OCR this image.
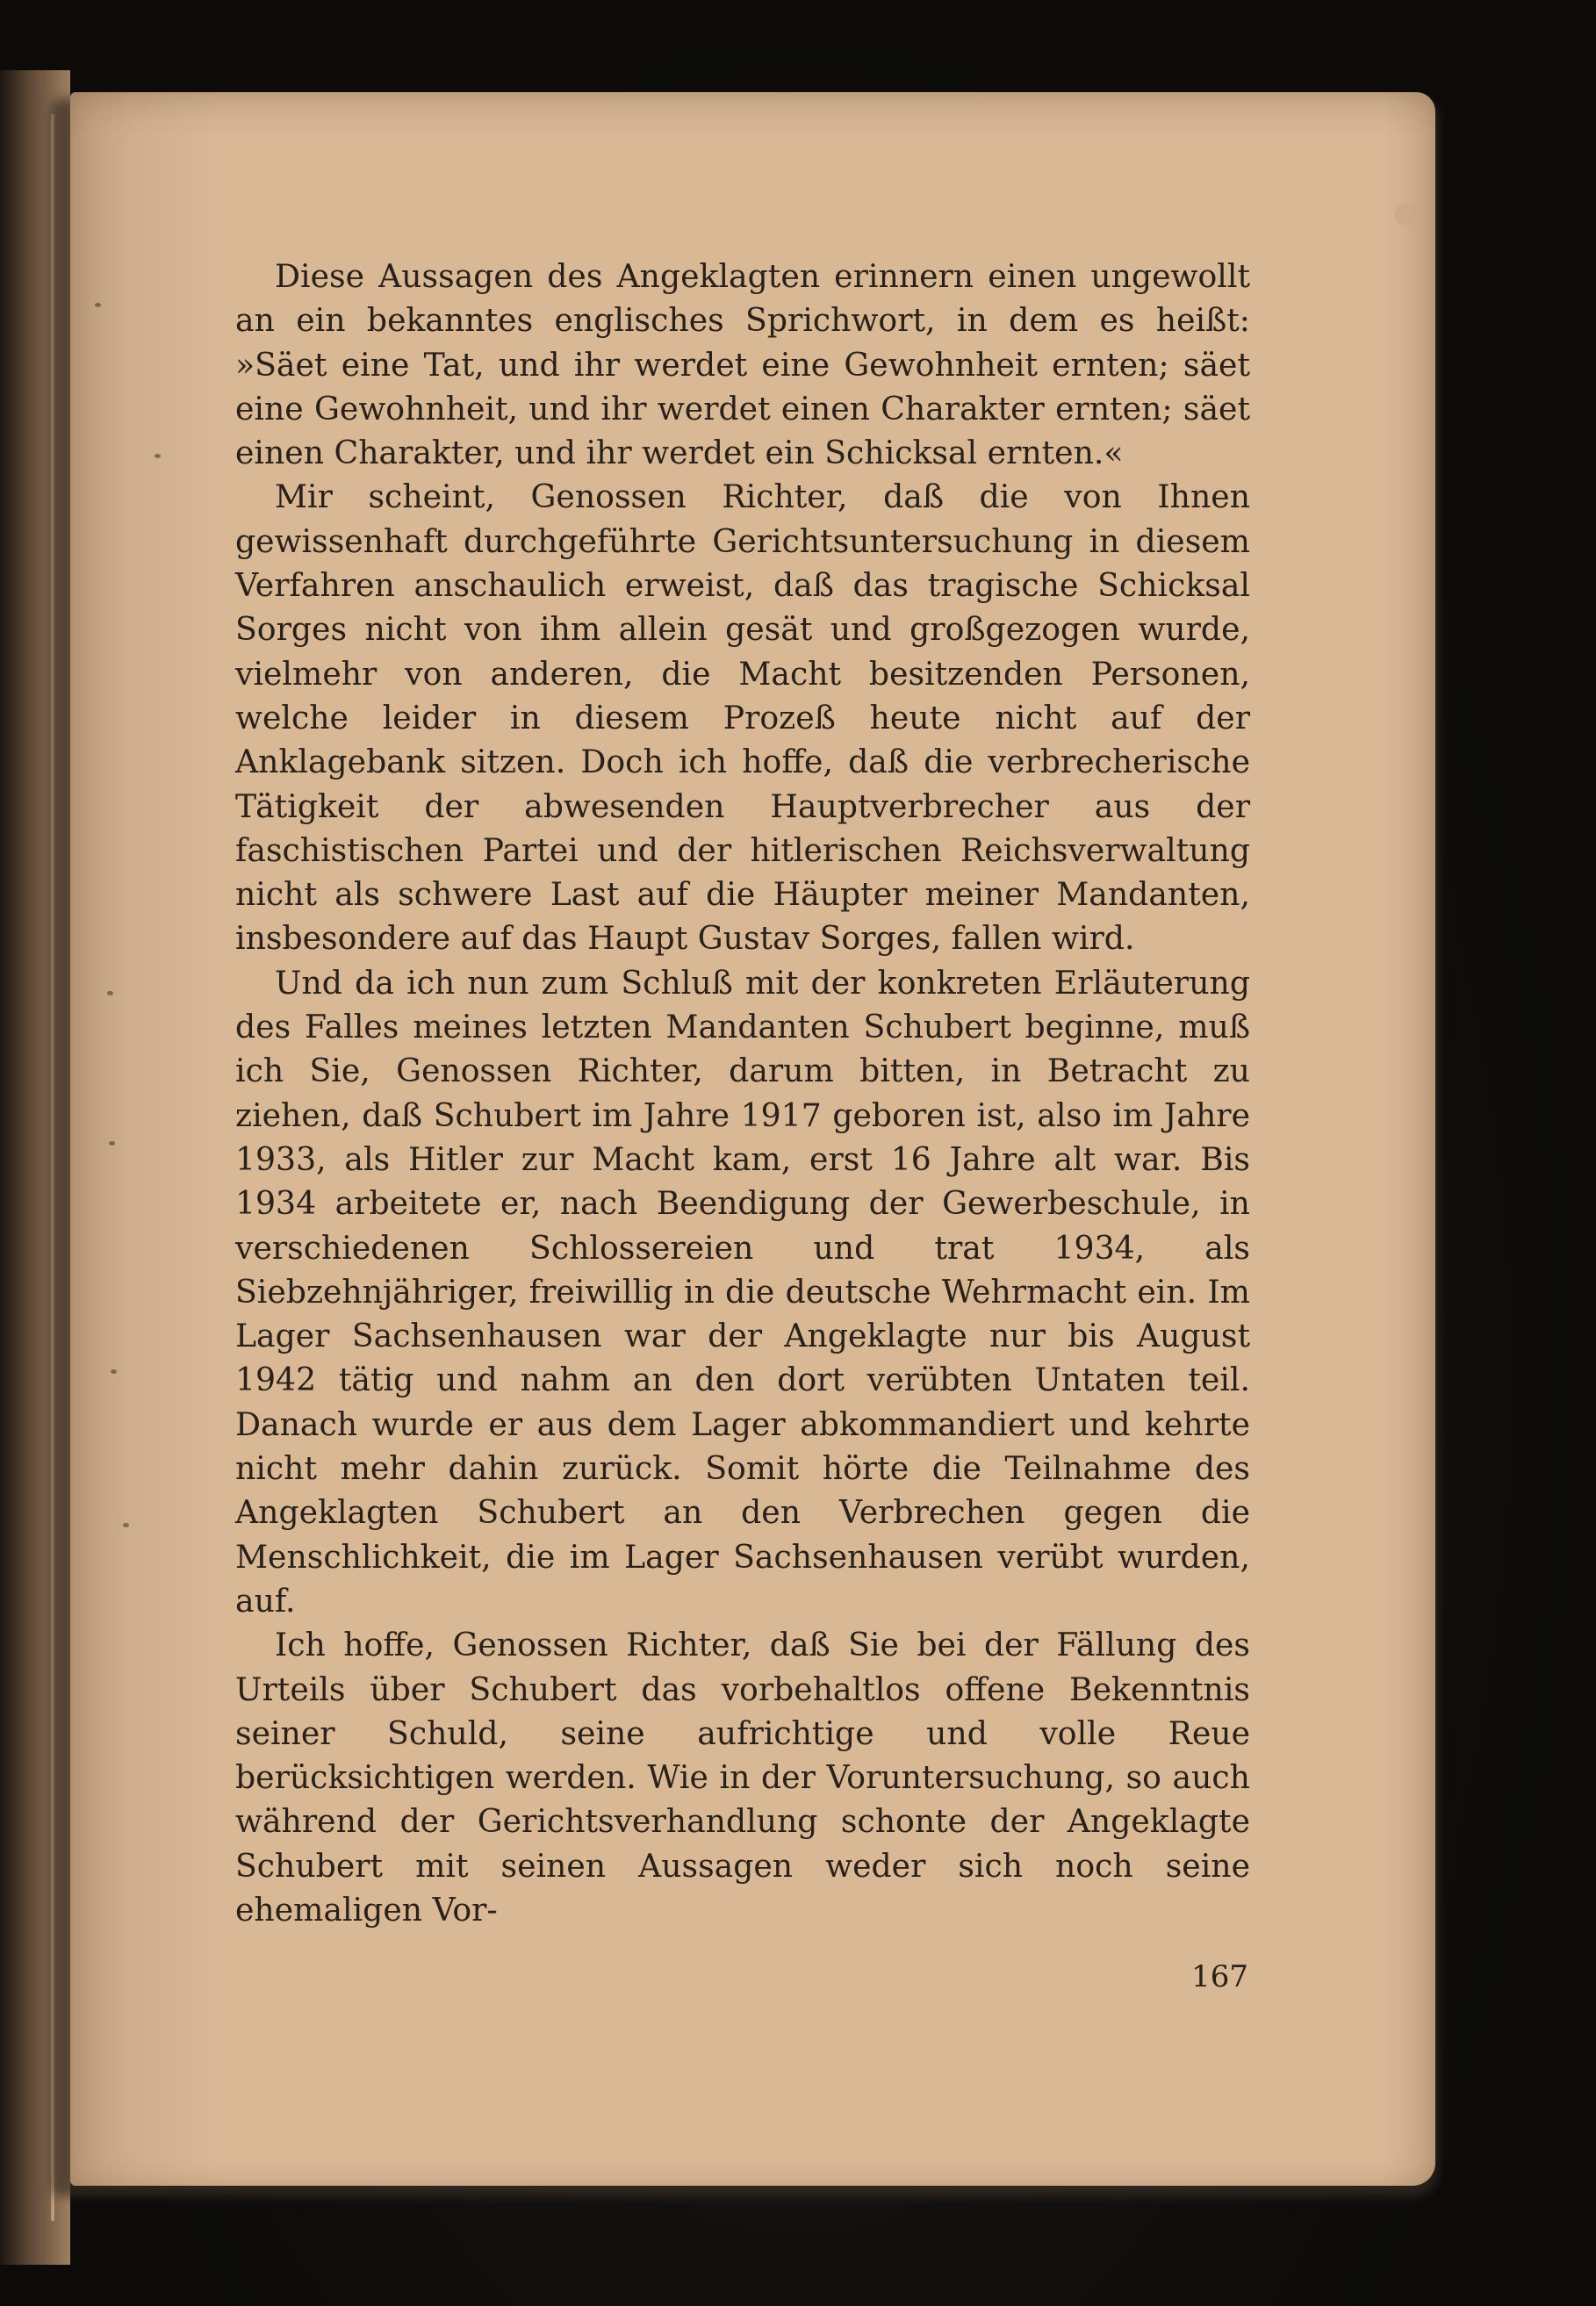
Diese Aussagen des Angeklagten erinnern einen ungewollt an ein bekanntes englisches Sprichwort, in dem es heißt: »Säet eine Tat, und ihr werdet eine Gewohnheit ernten; säet eine Gewohnheit, und ihr werdet einen Charakter ernten; säet einen Charakter, und ihr werdet ein Schicksal ernten.«

Mir scheint, Genossen Richter, daß die von Ihnen gewissenhaft durchgeführte Gerichtsuntersuchung in diesem Verfahren anschaulich erweist, daß das tragische Schicksal Sorges nicht von ihm allein gesät und großgezogen wurde, vielmehr von anderen, die Macht besitzenden Personen, welche leider in diesem Prozeß heute nicht auf der Anklagebank sitzen. Doch ich hoffe, daß die verbrecherische Tätigkeit der abwesenden Hauptverbrecher aus der faschistischen Partei und der hitlerischen Reichsverwaltung nicht als schwere Last auf die Häupter meiner Mandanten, insbesondere auf das Haupt Gustav Sorges, fallen wird.

Und da ich nun zum Schluß mit der konkreten Erläuterung des Falles meines letzten Mandanten Schubert beginne, muß ich Sie, Genossen Richter, darum bitten, in Betracht zu ziehen, daß Schubert im Jahre 1917 geboren ist, also im Jahre 1933, als Hitler zur Macht kam, erst 16 Jahre alt war. Bis 1934 arbeitete er, nach Beendigung der Gewerbeschule, in verschiedenen Schlossereien und trat 1934, als Siebzehnjähriger, freiwillig in die deutsche Wehrmacht ein. Im Lager Sachsenhausen war der Angeklagte nur bis August 1942 tätig und nahm an den dort verübten Untaten teil. Danach wurde er aus dem Lager abkommandiert und kehrte nicht mehr dahin zurück. Somit hörte die Teilnahme des Angeklagten Schubert an den Verbrechen gegen die Menschlichkeit, die im Lager Sachsenhausen verübt wurden, auf.

Ich hoffe, Genossen Richter, daß Sie bei der Fällung des Urteils über Schubert das vorbehaltlos offene Bekenntnis seiner Schuld, seine aufrichtige und volle Reue berücksichtigen werden. Wie in der Voruntersuchung, so auch während der Gerichtsverhandlung schonte der Angeklagte Schubert mit seinen Aussagen weder sich noch seine ehemaligen Vor-

167
